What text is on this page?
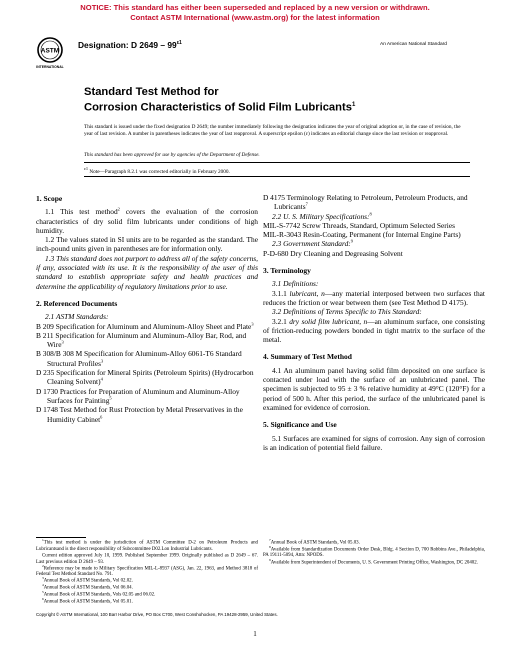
NOTICE: This standard has either been superseded and replaced by a new version or withdrawn.
Contact ASTM International (www.astm.org) for the latest information
ASTM
INTERNATIONAL
Designation: D $2649 - 99^{\varepsilon 1}$	An American National Standard
Standard Test Method for
Corrosion Characteristics of Solid Film Lubricants$^1$
This standard is issued under the fixed designation D 2649; the number immediately following the designation indicates the year of original adoption or, in the case of revision, the year of last revision. A number in parentheses indicates the year of last reapproval. A superscript epsilon (ε) indicates an editorial change since the last revision or reapproval.
This standard has been approved for use by agencies of the Department of Defense.
$^{\varepsilon 1}$ Note—Paragraph 8.2.1 was corrected editorially in February 2000.

1. Scope

1.1 This test method$^2$ covers the evaluation of the corrosion characteristics of dry solid film lubricants under conditions of high humidity.

1.2 The values stated in SI units are to be regarded as the standard. The inch-pound units given in parentheses are for information only.

1.3 This standard does not purport to address all of the safety concerns, if any, associated with its use. It is the responsibility of the user of this standard to establish appropriate safety and health practices and determine the applicability of regulatory limitations prior to use.

2. Referenced Documents

2.1 ASTM Standards:

B 209 Specification for Aluminum and Aluminum-Alloy Sheet and Plate$^3$

B 211 Specification for Aluminum and Aluminum-Alloy Bar, Rod, and Wire$^3$

B 308/B 308 M Specification for Aluminum-Alloy 6061-T6 Standard Structural Profiles$^3$

D 235 Specification for Mineral Spirits (Petroleum Spirits) (Hydrocarbon Cleaning Solvent)$^4$

D 1730 Practices for Preparation of Aluminum and Aluminum-Alloy Surfaces for Painting$^5$

D 1748 Test Method for Rust Protection by Metal Preservatives in the Humidity Cabinet$^6$

D 4175 Terminology Relating to Petroleum, Petroleum Products, and Lubricants$^7$

2.2 U. S. Military Specifications:$^8$

MIL-S-7742 Screw Threads, Standard, Optimum Selected Series

MIL-R-3043 Resin-Coating, Permanent (for Internal Engine Parts)

2.3 Government Standard:$^9$

P-D-680 Dry Cleaning and Degreasing Solvent

3. Terminology

3.1 Definitions:

3.1.1 lubricant, n—any material interposed between two surfaces that reduces the friction or wear between them (see Test Method D 4175).

3.2 Definitions of Terms Specific to This Standard:

3.2.1 dry solid film lubricant, n—an aluminum surface, one consisting of friction-reducing powders bonded in tight matrix to the surface of the metal.

4. Summary of Test Method

4.1 An aluminum panel having solid film deposited on one surface is contacted under load with the surface of an unlubricated panel. The specimen is subjected to 95 ± 3 % relative humidity at 49°C (120°F) for a period of 500 h. After this period, the surface of the unlubricated panel is examined for evidence of corrosion.

5. Significance and Use

5.1 Surfaces are examined for signs of corrosion. Any sign of corrosion is an indication of potential field failure.

$^1$This test method is under the jurisdiction of ASTM Committee D-2 on Petroleum Products and Lubricantsand is the direct responsibility of Subcommittee D02.Lon Industrial Lubricants.

Current edition approved July 10, 1999. Published September 1999. Originally published as D 2649 – 67. Last previous edition D 2649 – 93.

$^2$Reference may be made to Military Specification MIL-L-8937 (ASG), Jan. 22, 1963, and Method 3818 of Federal Test Method Standard No. 791.

$^3$Annual Book of ASTM Standards, Vol 02.02.

$^4$Annual Book of ASTM Standards, Vol 06.04.

$^5$Annual Book of ASTM Standards, Vols 02.05 and 06.02.

$^6$Annual Book of ASTM Standards, Vol 05.01.

$^7$Annual Book of ASTM Standards, Vol 05.03.

$^8$Available from Standardization Documents Order Desk, Bldg. 4 Section D, 700 Robbins Ave., Philadelphia, PA 19111-5094, Attn: NPODS.

$^9$Available from Superintendent of Documents, U. S. Government Printing Office, Washington, DC 20402.

Copyright © ASTM International, 100 Barr Harbor Drive, PO Box C700, West Conshohocken, PA 19428-2959, United States.
1
